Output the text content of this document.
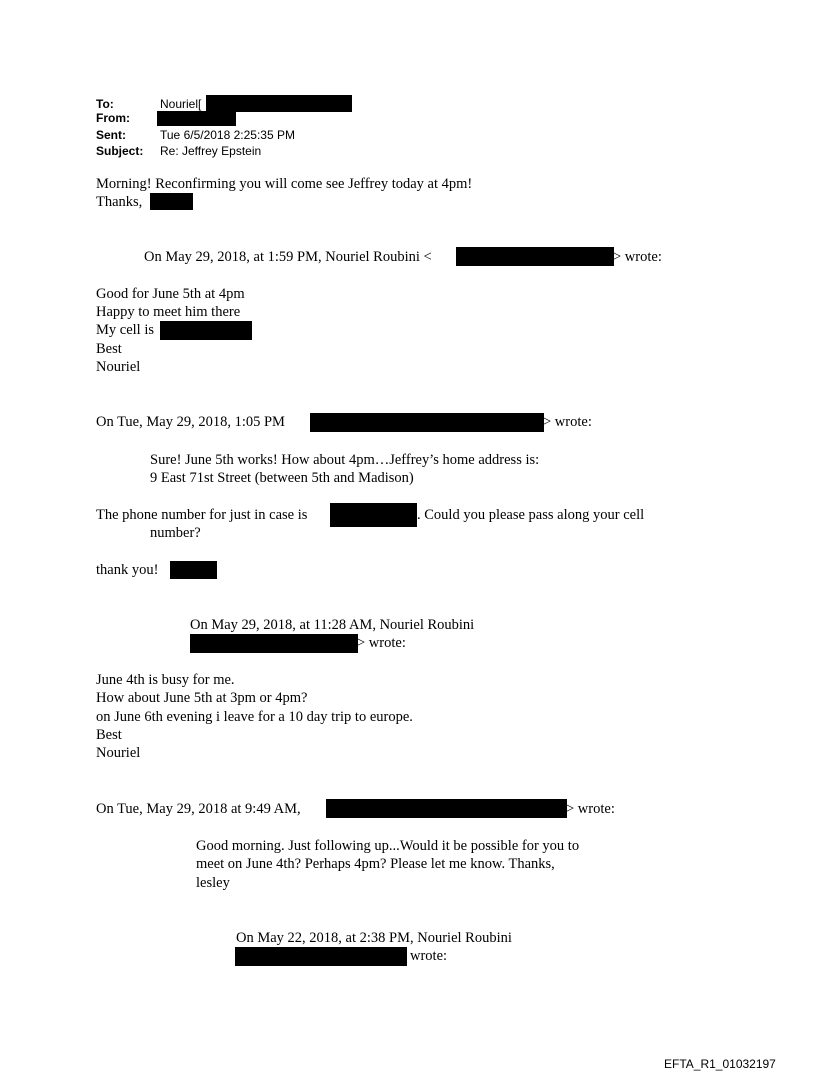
To:	Nouriel[
From:
Sent:	Tue 6/5/2018 2:25:35 PM
Subject: Re: Jeffrey Epstein
Morning! Reconfirming you will come see Jeffrey today at 4pm!
Thanks,
On May 29, 2018, at 1:59 PM, Nouriel Roubini <	> wrote:
Good for June 5th at 4pm
Happy to meet him there
My cell is
Best
Nouriel
On Tue, May 29, 2018, 1:05 PM	> wrote:
Sure! June 5th works! How about 4pm…Jeffrey’s home address is:
9 East 71st Street (between 5th and Madison)
The phone number for just in case is	. Could you please pass along your cell
number?
thank you!
On May 29, 2018, at 11:28 AM, Nouriel Roubini
> wrote:
June 4th is busy for me.
How about June 5th at 3pm or 4pm?
on June 6th evening i leave for a 10 day trip to europe.
Best
Nouriel
On Tue, May 29, 2018 at 9:49 AM,	> wrote:
Good morning. Just following up...Would it be possible for you to
meet on June 4th? Perhaps 4pm? Please let me know. Thanks,
lesley
On May 22, 2018, at 2:38 PM, Nouriel Roubini
wrote:
EFTA_R1_01032197
